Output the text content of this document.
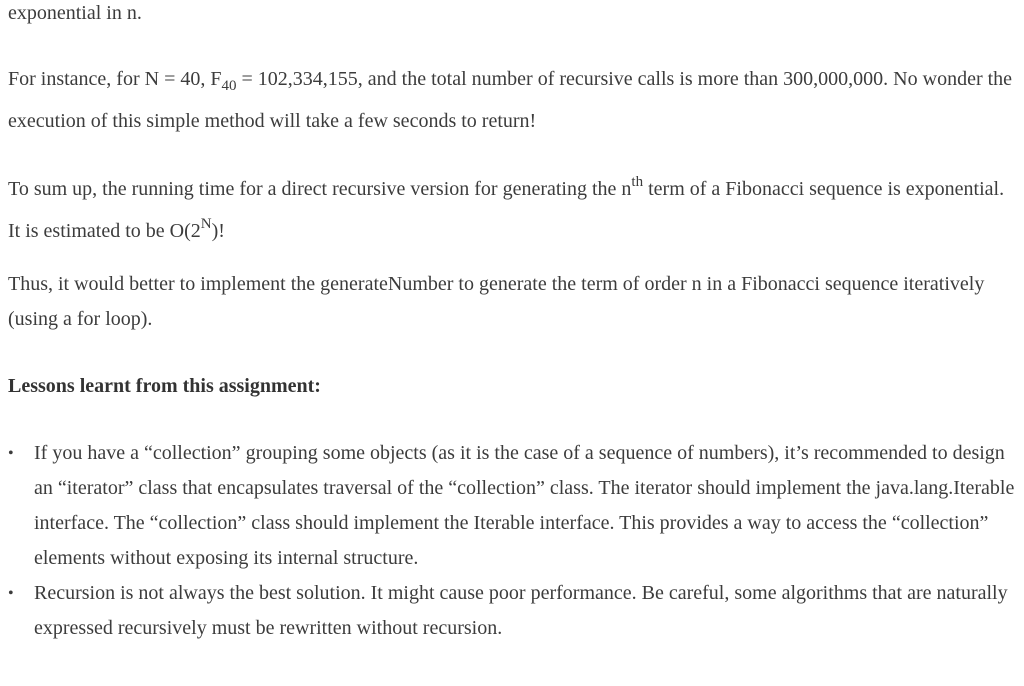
exponential in n.

For instance, for N = 40, $F_{40} = 102,334,155$, and the total number of recursive calls is more than 300,000,000. No wonder the execution of this simple method will take a few seconds to return!

To sum up, the running time for a direct recursive version for generating the $n^{th}$ term of a Fibonacci sequence is exponential. It is estimated to be $O(2^N)$!

Thus, it would better to implement the generateNumber to generate the term of order n in a Fibonacci sequence iteratively (using a for loop).

Lessons learnt from this assignment:
• If you have a “collection” grouping some objects (as it is the case of a sequence of numbers), it’s recommended to design an “iterator” class that encapsulates traversal of the “collection” class. The iterator should implement the java.lang.Iterable interface. The “collection” class should implement the Iterable interface. This provides a way to access the “collection” elements without exposing its internal structure.
• Recursion is not always the best solution. It might cause poor performance. Be careful, some algorithms that are naturally expressed recursively must be rewritten without recursion.
